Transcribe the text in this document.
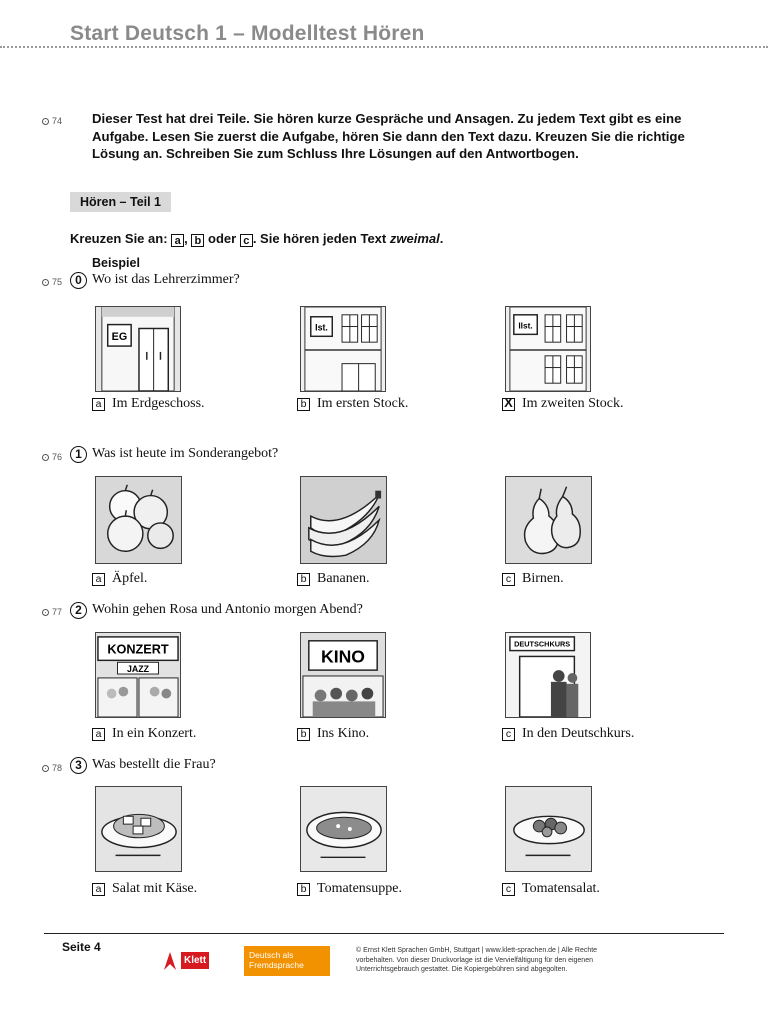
Start Deutsch 1 – Modelltest Hören
74 Dieser Test hat drei Teile. Sie hören kurze Gespräche und Ansagen. Zu jedem Text gibt es eine Aufgabe. Lesen Sie zuerst die Aufgabe, hören Sie dann den Text dazu. Kreuzen Sie die richtige Lösung an. Schreiben Sie zum Schluss Ihre Lösungen auf den Antwortbogen.
Hören – Teil 1
Kreuzen Sie an: a , b oder c . Sie hören jeden Text zweimal.
Beispiel
75	0 Wo ist das Lehrerzimmer?
EG
Ist.	IIst.
a Im Erdgeschoss.	b Im ersten Stock.
X	Im zweiten Stock.
76	1 Was ist heute im Sonderangebot?
a Äpfel.	b Bananen.	c Birnen.
77	2 Wohin gehen Rosa und Antonio morgen Abend?
KONZERT
JAZZ
KINO
DEUTSCHKURS
a In ein Konzert.	b Ins Kino.	c In den Deutschkurs.
78	3 Was bestellt die Frau?
a Salat mit Käse.	b Tomatensuppe.	c Tomatensalat.
Seite 4
Klett	Deutsch als Fremdsprache
© Ernst Klett Sprachen GmbH, Stuttgart | www.klett-sprachen.de | Alle Rechte vorbehalten. Von dieser Druckvorlage ist die Vervielfältigung für den eigenen Unterrichtsgebrauch gestattet. Die Kopiergebühren sind abgegolten.
